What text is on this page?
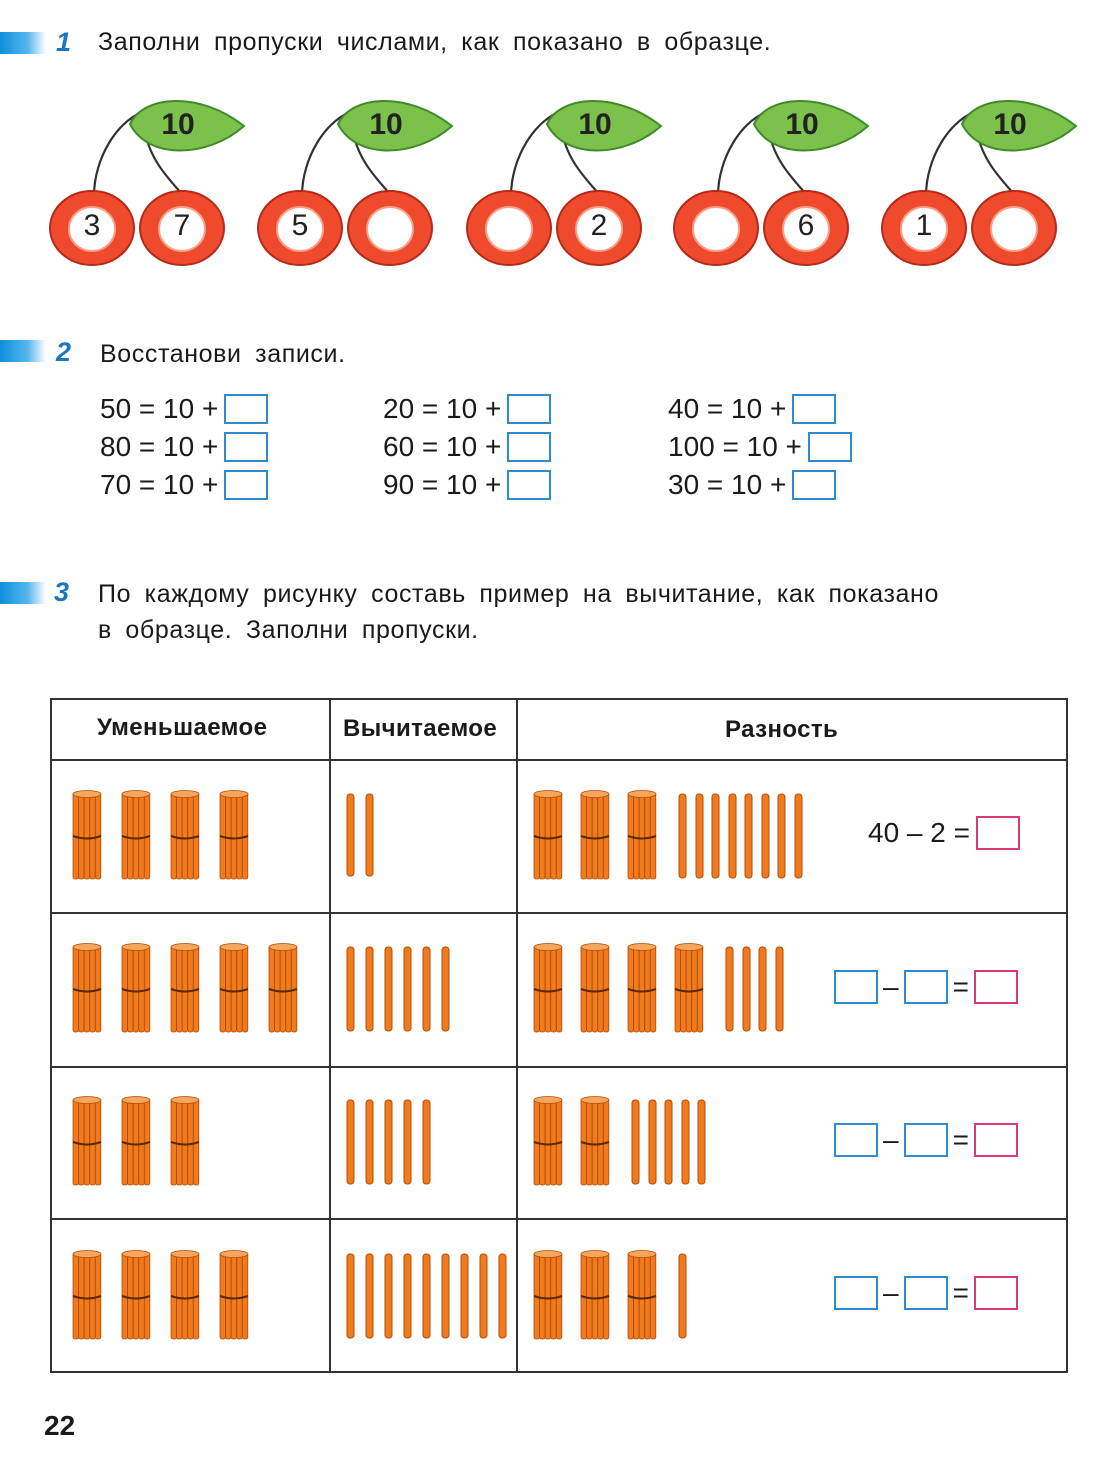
1 Заполни пропуски числами, как показано в образце.
10
3	7
10
5
10
2
10
6
10
1
2 Восстанови записи.
50 = 10 +
80 = 10 +
70 = 10 +
20 = 10 +
60 = 10 +
90 = 10 +
40 = 10 +
100 = 10 +
30 = 10 +
3 По каждому рисунку составь пример на вычитание, как показано
в образце. Заполни пропуски.
Уменьшаемое	Вычитаемое	Разность
40 – 2 =
– =
– =
– =
22
